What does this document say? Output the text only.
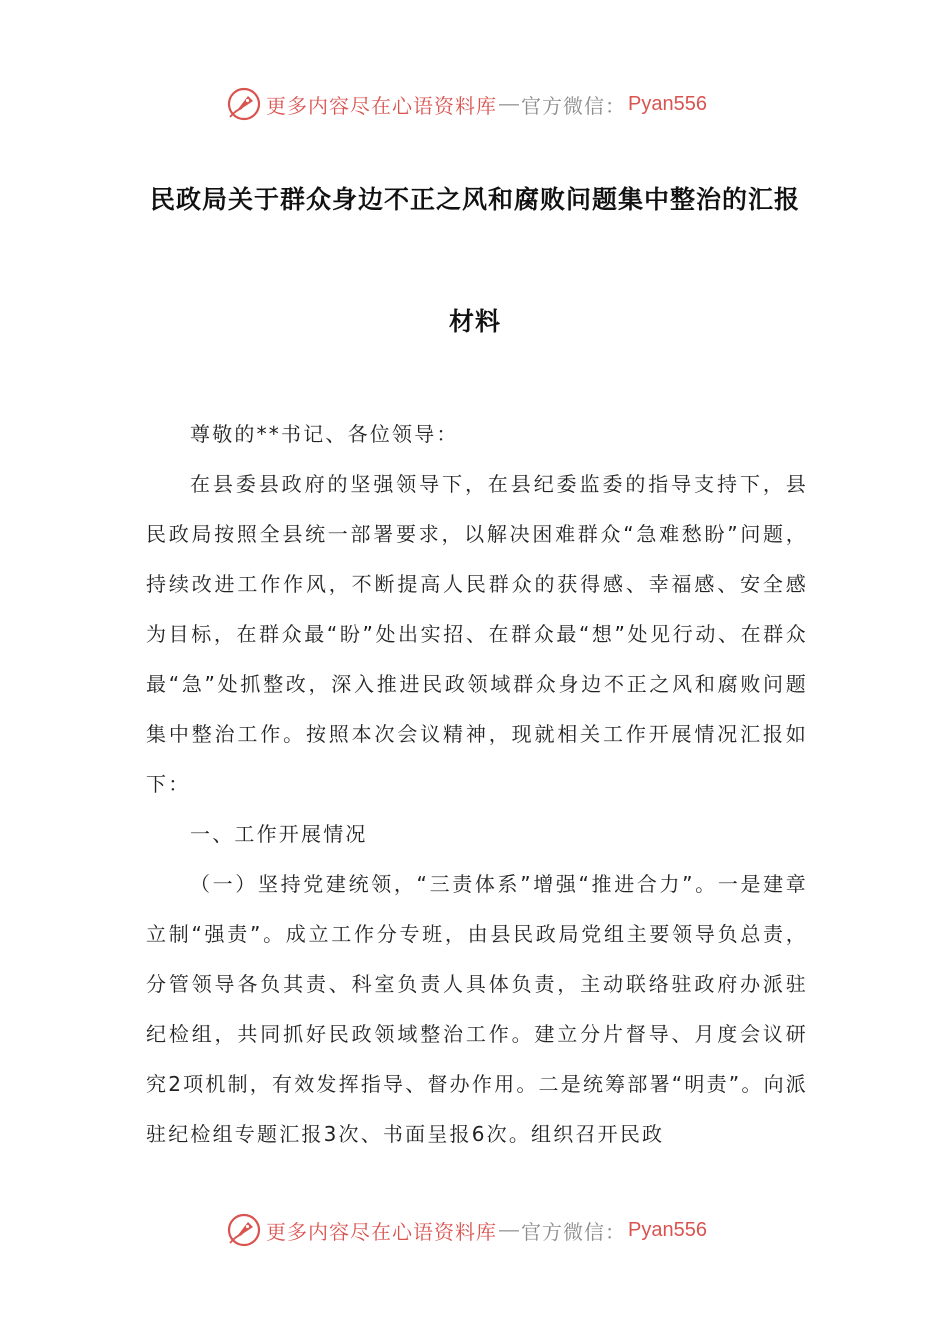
更多内容尽在心语资料库 — 官方微信： Pyan556
民政局关于群众身边不正之风和腐败问题集中整治的汇报
材料

尊敬的**书记、各位领导：

在县委县政府的坚强领导下，在县纪委监委的指导支持下，县民政局按照全县统一部署要求，以解决困难群众“急难愁盼”问题，持续改进工作作风，不断提高人民群众的获得感、幸福感、安全感为目标，在群众最“盼”处出实招、在群众最“想”处见行动、在群众最“急”处抓整改，深入推进民政领域群众身边不正之风和腐败问题集中整治工作。按照本次会议精神，现就相关工作开展情况汇报如下：

一、工作开展情况

（一）坚持党建统领，“三责体系”增强“推进合力”。一是建章立制“强责”。成立工作分专班，由县民政局党组主要领导负总责，分管领导各负其责、科室负责人具体负责，主动联络驻政府办派驻纪检组，共同抓好民政领域整治工作。建立分片督导、月度会议研究2项机制，有效发挥指导、督办作用。二是统筹部署“明责”。向派驻纪检组专题汇报3次、书面呈报6次。组织召开民政

更多内容尽在心语资料库 — 官方微信： Pyan556
